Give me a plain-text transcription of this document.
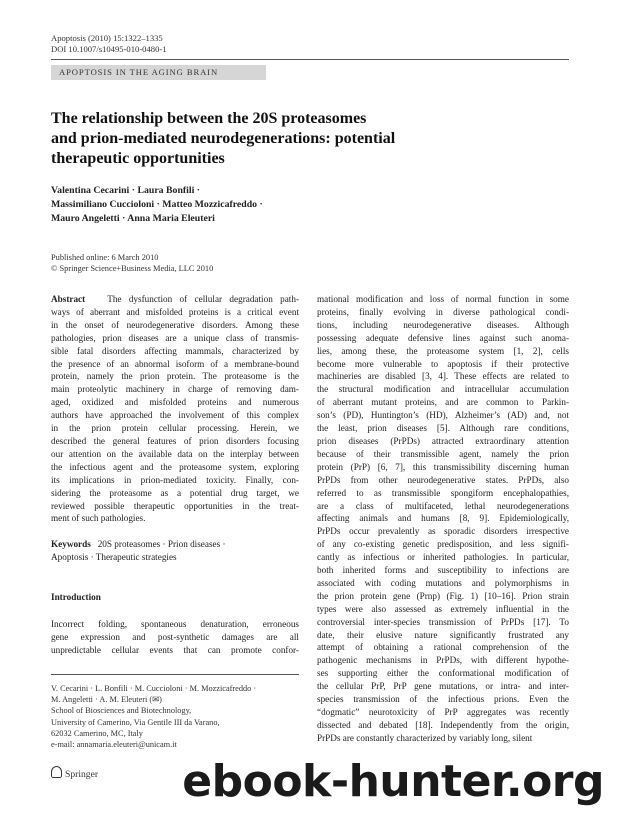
Apoptosis (2010) 15:1322–1335
DOI 10.1007/s10495-010-0480-1
APOPTOSIS IN THE AGING BRAIN
The relationship between the 20S proteasomes
and prion-mediated neurodegenerations: potential
therapeutic opportunities
Valentina Cecarini · Laura Bonfili ·
Massimiliano Cuccioloni · Matteo Mozzicafreddo ·
Mauro Angeletti · Anna Maria Eleuteri
Published online: 6 March 2010
© Springer Science+Business Media, LLC 2010
Abstract The dysfunction of cellular degradation path-
ways of aberrant and misfolded proteins is a critical event
in the onset of neurodegenerative disorders. Among these
pathologies, prion diseases are a unique class of transmis-
sible fatal disorders affecting mammals, characterized by
the presence of an abnormal isoform of a membrane-bound
protein, namely the prion protein. The proteasome is the
main proteolytic machinery in charge of removing dam-
aged, oxidized and misfolded proteins and numerous
authors have approached the involvement of this complex
in the prion protein cellular processing. Herein, we
described the general features of prion disorders focusing
our attention on the available data on the interplay between
the infectious agent and the proteasome system, exploring
its implications in prion-mediated toxicity. Finally, con-
sidering the proteasome as a potential drug target, we
reviewed possible therapeutic opportunities in the treat-
ment of such pathologies.
Keywords 20S proteasomes · Prion diseases ·
Apoptosis · Therapeutic strategies
Introduction
Incorrect folding, spontaneous denaturation, erroneous
gene expression and post-synthetic damages are all
unpredictable cellular events that can promote confor-
V. Cecarini · L. Bonfili · M. Cuccioloni · M. Mozzicafreddo ·
M. Angeletti · A. M. Eleuteri (✉)
School of Biosciences and Biotechnology,
University of Camerino, Via Gentile III da Varano,
62032 Camerino, MC, Italy
e-mail: annamaria.eleuteri@unicam.it
mational modification and loss of normal function in some
proteins, finally evolving in diverse pathological condi-
tions, including neurodegenerative diseases. Although
possessing adequate defensive lines against such anoma-
lies, among these, the proteasome system [1, 2], cells
become more vulnerable to apoptosis if their protective
machineries are disabled [3, 4]. These effects are related to
the structural modification and intracellular accumulation
of aberrant mutant proteins, and are common to Parkin-
son’s (PD), Huntington’s (HD), Alzheimer’s (AD) and, not
the least, prion diseases [5]. Although rare conditions,
prion diseases (PrPDs) attracted extraordinary attention
because of their transmissible agent, namely the prion
protein (PrP) [6, 7], this transmissibility discerning human
PrPDs from other neurodegenerative states. PrPDs, also
referred to as transmissible spongiform encephalopathies,
are a class of multifaceted, lethal neurodegenerations
affecting animals and humans [8, 9]. Epidemiologically,
PrPDs occur prevalently as sporadic disorders irrespective
of any co-existing genetic predisposition, and less signifi-
cantly as infectious or inherited pathologies. In particular,
both inherited forms and susceptibility to infections are
associated with coding mutations and polymorphisms in
the prion protein gene (Prnp) (Fig. 1) [10–16]. Prion strain
types were also assessed as extremely influential in the
controversial inter-species transmission of PrPDs [17]. To
date, their elusive nature significantly frustrated any
attempt of obtaining a rational comprehension of the
pathogenic mechanisms in PrPDs, with different hypothe-
ses supporting either the conformational modification of
the cellular PrP, PrP gene mutations, or intra- and inter-
species transmission of the infectious prions. Even the
“dogmatic” neurotoxicity of PrP aggregates was recently
dissected and debated [18]. Independently from the origin,
PrPDs are constantly characterized by variably long, silent
Springer ebook-hunter.org
